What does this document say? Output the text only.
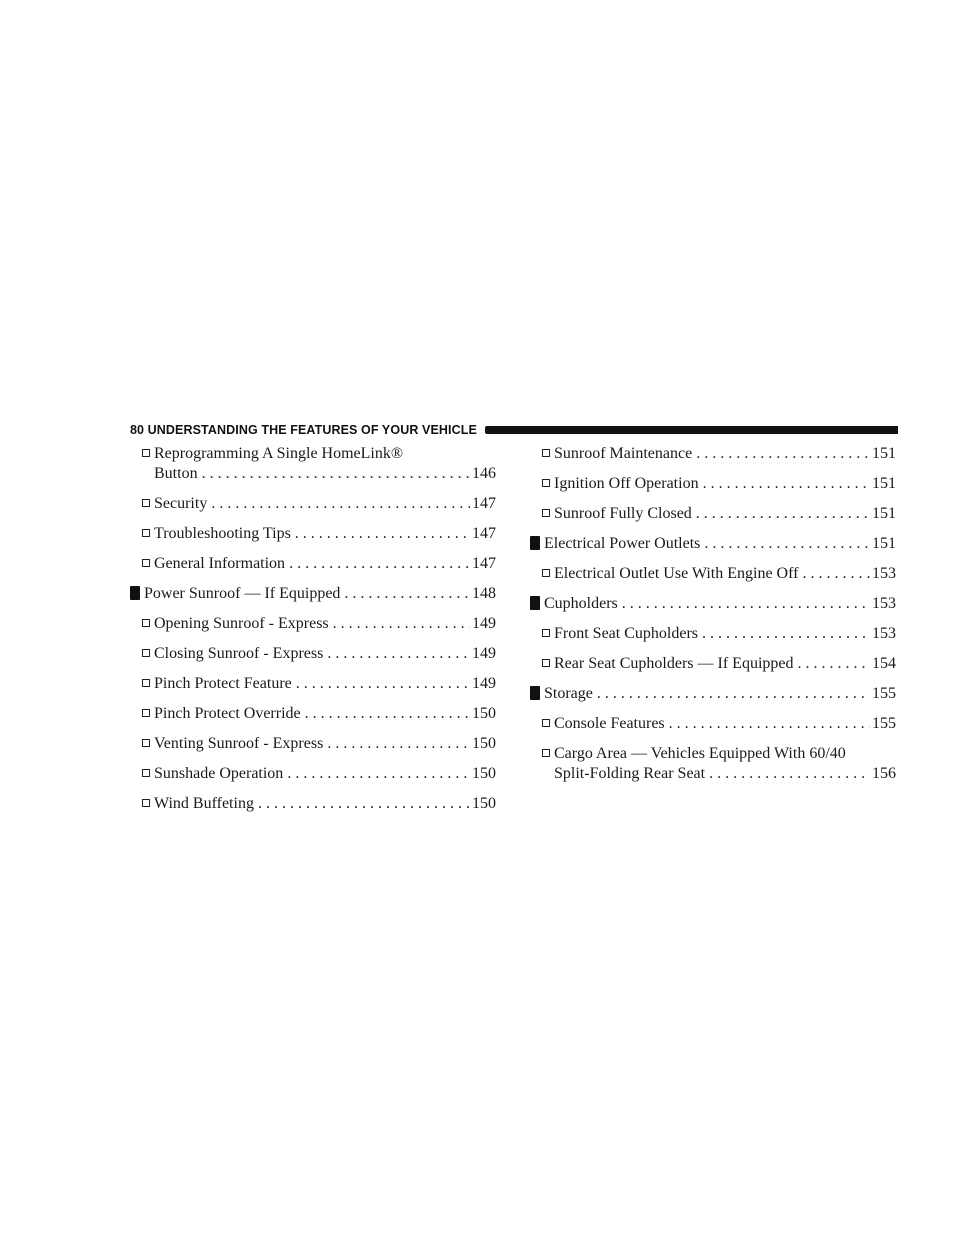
80 UNDERSTANDING THE FEATURES OF YOUR VEHICLE
Reprogramming A Single HomeLink®
Button . . .	146
Security . . .	147
Troubleshooting Tips . . .	147
General Information . . .	147
Power Sunroof — If Equipped . . .	148
Opening Sunroof - Express . . .	149
Closing Sunroof - Express . . .	149
Pinch Protect Feature . . .	149
Pinch Protect Override . . .	150
Venting Sunroof - Express . . .	150
Sunshade Operation . . .	150
Wind Buffeting . . .	150
Sunroof Maintenance . . .	151
Ignition Off Operation . . .	151
Sunroof Fully Closed . . .	151
Electrical Power Outlets . . .	151
Electrical Outlet Use With Engine Off . . .	153
Cupholders . . .	153
Front Seat Cupholders . . .	153
Rear Seat Cupholders — If Equipped . . .	154
Storage . . .	155
Console Features . . .	155
Cargo Area — Vehicles Equipped With 60/40
Split-Folding Rear Seat . . .	156
